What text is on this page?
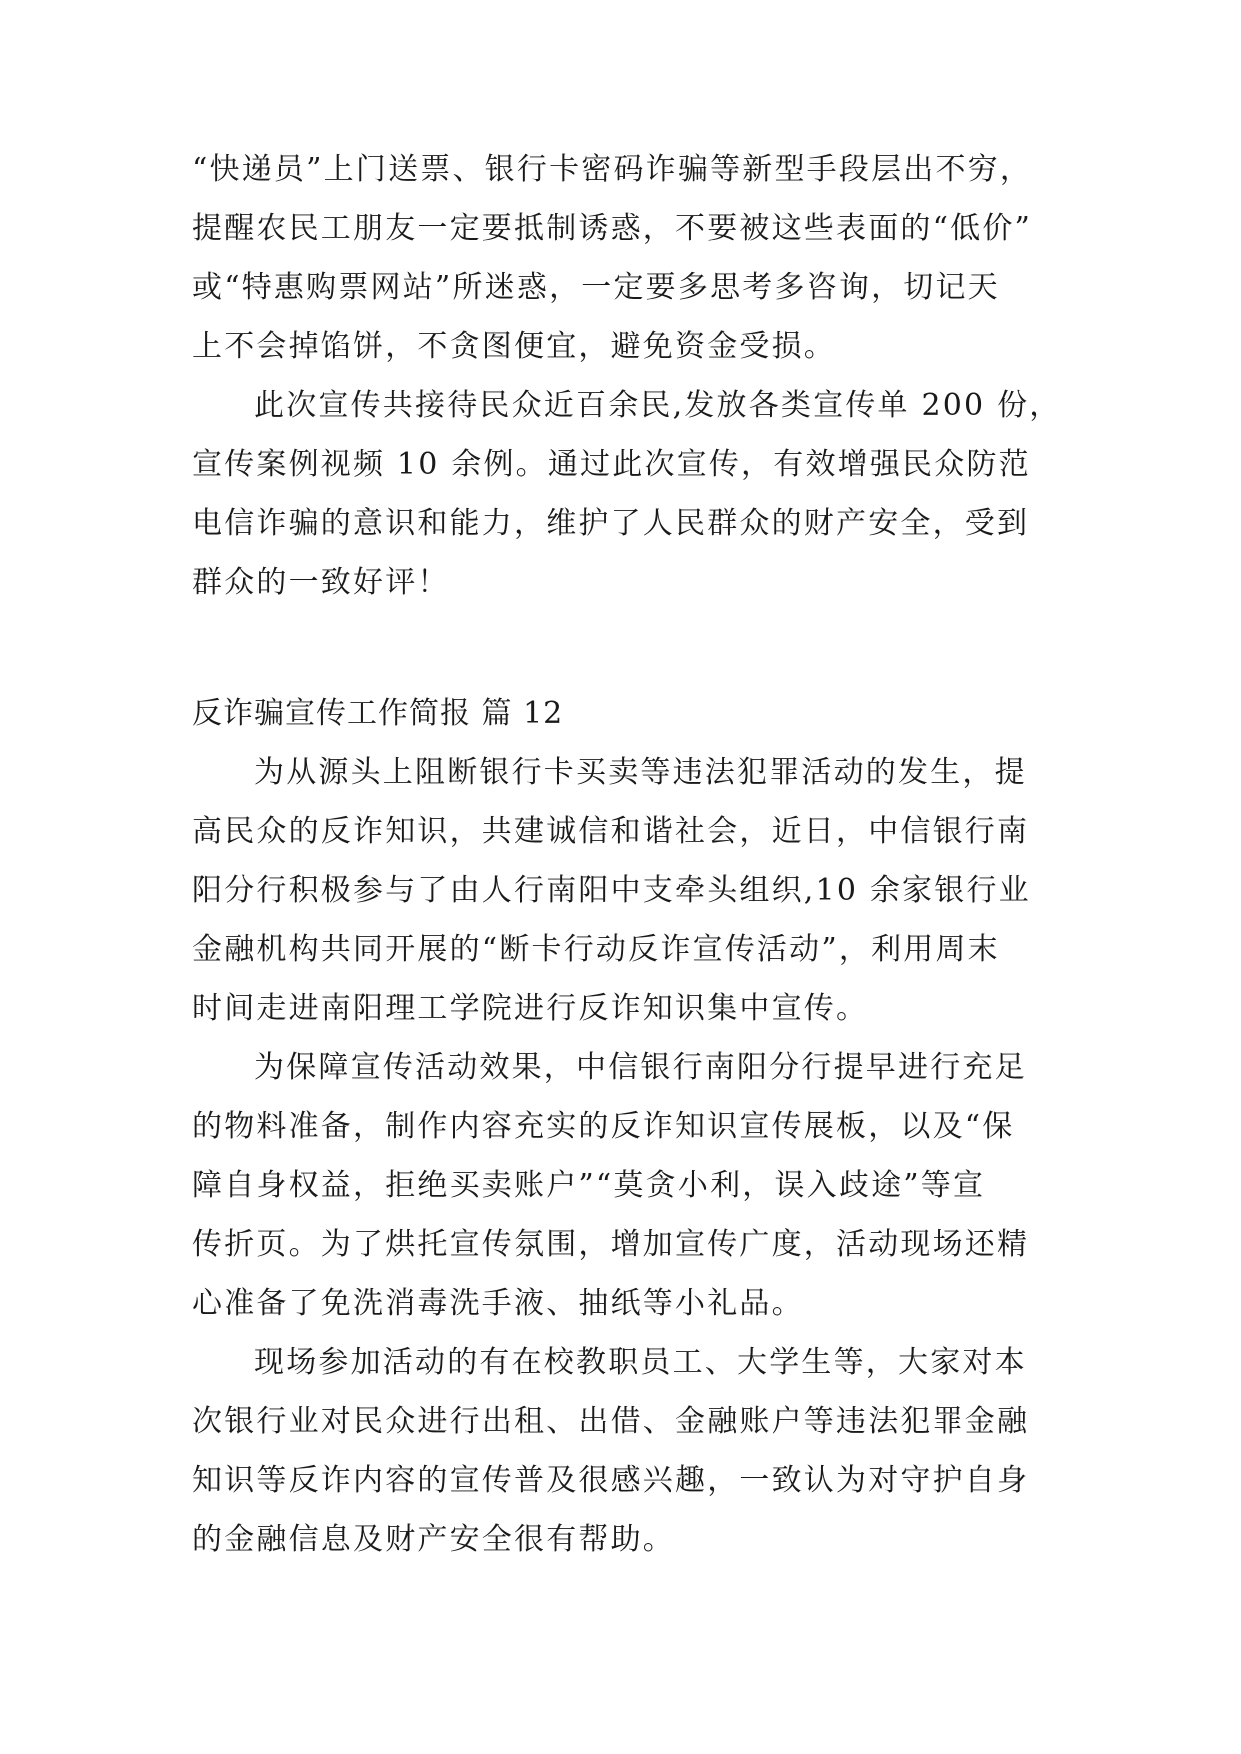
“快递员”上门送票、银行卡密码诈骗等新型手段层出不穷，
提醒农民工朋友一定要抵制诱惑，不要被这些表面的“低价”
或“特惠购票网站”所迷惑，一定要多思考多咨询，切记天
上不会掉馅饼，不贪图便宜，避免资金受损。
此次宣传共接待民众近百余民,发放各类宣传单 200 份，
宣传案例视频 10 余例。通过此次宣传，有效增强民众防范
电信诈骗的意识和能力，维护了人民群众的财产安全，受到
群众的一致好评！
反诈骗宣传工作简报 篇 12
为从源头上阻断银行卡买卖等违法犯罪活动的发生，提
高民众的反诈知识，共建诚信和谐社会，近日，中信银行南
阳分行积极参与了由人行南阳中支牵头组织,10 余家银行业
金融机构共同开展的“断卡行动反诈宣传活动”，利用周末
时间走进南阳理工学院进行反诈知识集中宣传。
为保障宣传活动效果，中信银行南阳分行提早进行充足
的物料准备，制作内容充实的反诈知识宣传展板，以及“保
障自身权益，拒绝买卖账户”“莫贪小利，误入歧途”等宣
传折页。为了烘托宣传氛围，增加宣传广度，活动现场还精
心准备了免洗消毒洗手液、抽纸等小礼品。
现场参加活动的有在校教职员工、大学生等，大家对本
次银行业对民众进行出租、出借、金融账户等违法犯罪金融
知识等反诈内容的宣传普及很感兴趣，一致认为对守护自身
的金融信息及财产安全很有帮助。
